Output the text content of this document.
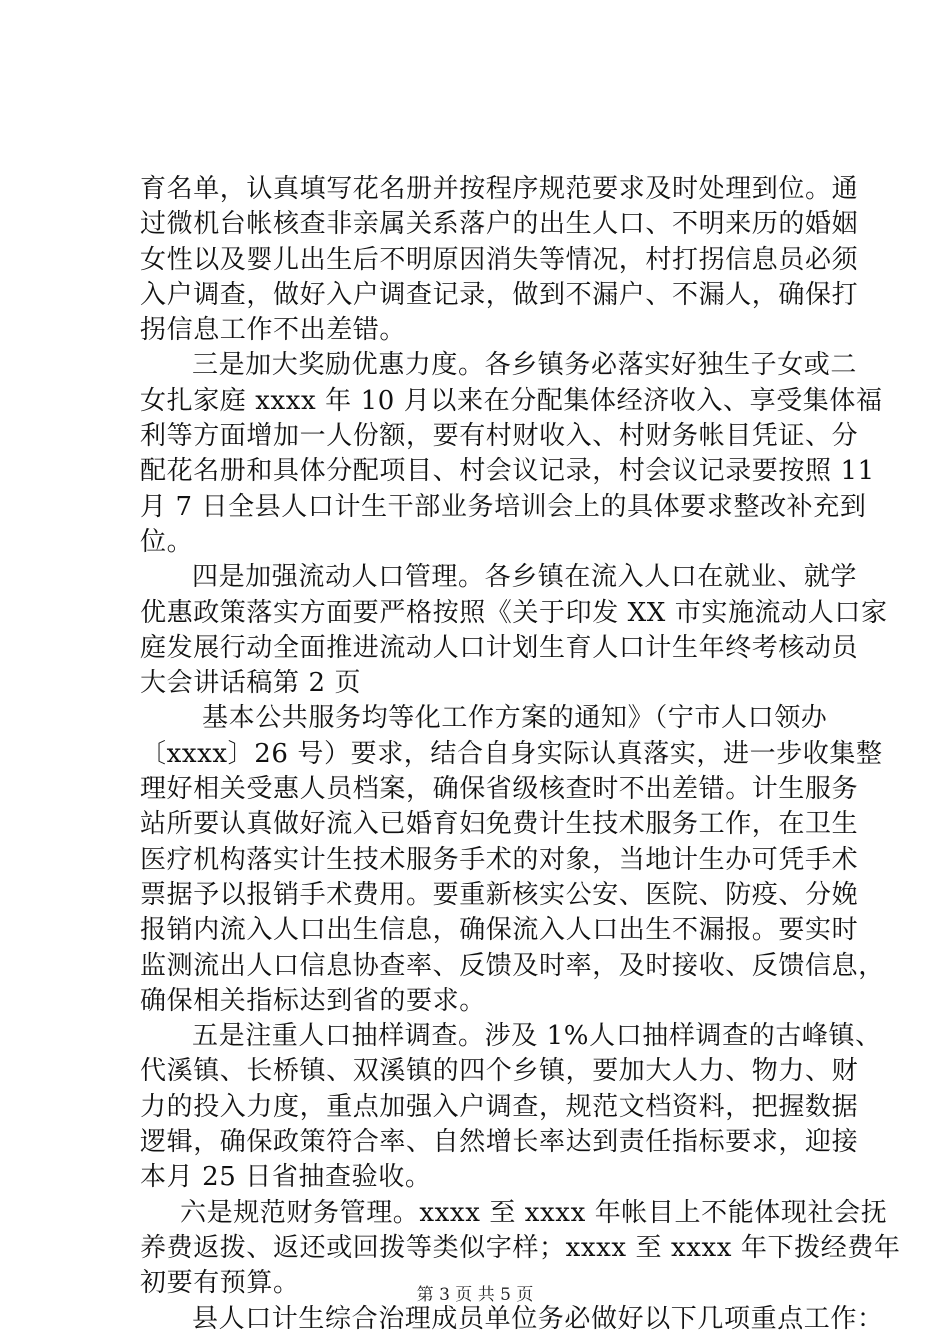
育名单，认真填写花名册并按程序规范要求及时处理到位。通
过微机台帐核查非亲属关系落户的出生人口、不明来历的婚姻
女性以及婴儿出生后不明原因消失等情况，村打拐信息员必须
入户调查，做好入户调查记录，做到不漏户、不漏人，确保打
拐信息工作不出差错。
三是加大奖励优惠力度。各乡镇务必落实好独生子女或二
女扎家庭 xxxx 年 10 月以来在分配集体经济收入、享受集体福
利等方面增加一人份额，要有村财收入、村财务帐目凭证、分
配花名册和具体分配项目、村会议记录，村会议记录要按照 11
月 7 日全县人口计生干部业务培训会上的具体要求整改补充到
位。
四是加强流动人口管理。各乡镇在流入人口在就业、就学
优惠政策落实方面要严格按照《关于印发 XX 市实施流动人口家
庭发展行动全面推进流动人口计划生育人口计生年终考核动员
大会讲话稿第 2 页
基本公共服务均等化工作方案的通知》（宁市人口领办
〔xxxx〕26 号）要求，结合自身实际认真落实，进一步收集整
理好相关受惠人员档案，确保省级核查时不出差错。计生服务
站所要认真做好流入已婚育妇免费计生技术服务工作，在卫生
医疗机构落实计生技术服务手术的对象，当地计生办可凭手术
票据予以报销手术费用。要重新核实公安、医院、防疫、分娩
报销内流入人口出生信息，确保流入人口出生不漏报。要实时
监测流出人口信息协查率、反馈及时率，及时接收、反馈信息，
确保相关指标达到省的要求。
五是注重人口抽样调查。涉及 1%人口抽样调查的古峰镇、
代溪镇、长桥镇、双溪镇的四个乡镇，要加大人力、物力、财
力的投入力度，重点加强入户调查，规范文档资料，把握数据
逻辑，确保政策符合率、自然增长率达到责任指标要求，迎接
本月 25 日省抽查验收。
六是规范财务管理。xxxx 至 xxxx 年帐目上不能体现社会抚
养费返拨、返还或回拨等类似字样；xxxx 至 xxxx 年下拨经费年
初要有预算。
县人口计生综合治理成员单位务必做好以下几项重点工作：
第 3 页 共 5 页
